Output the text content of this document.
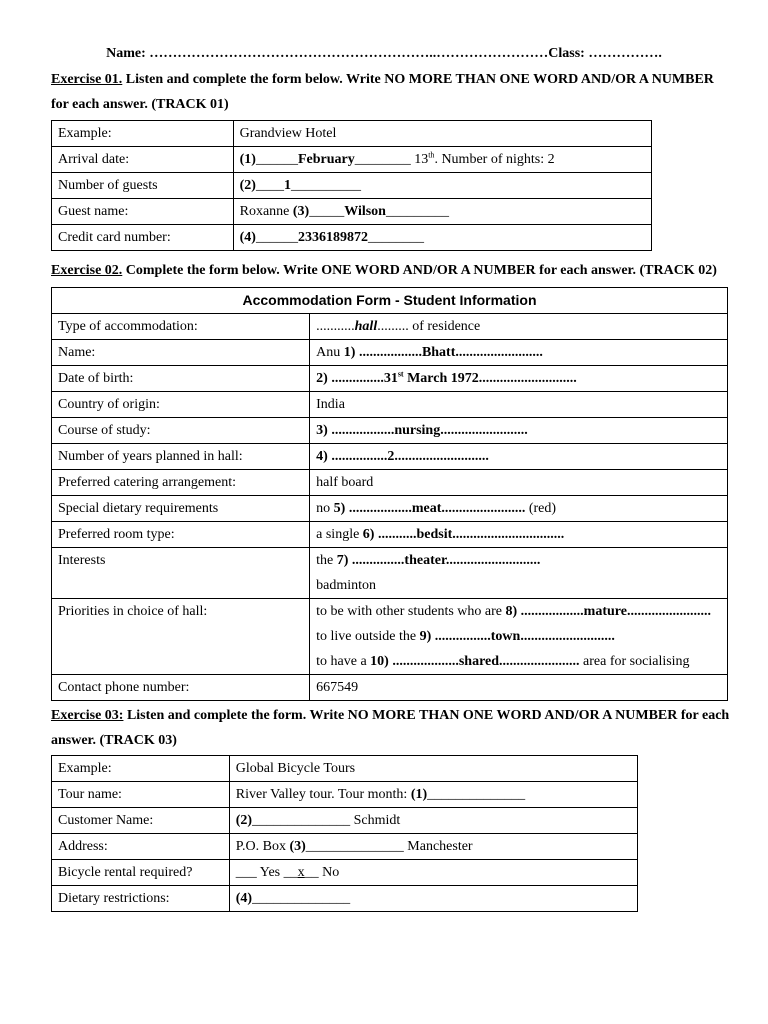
Name: ……………………………………………………..……………………Class: …………….
Exercise 01. Listen and complete the form below. Write NO MORE THAN ONE WORD AND/OR A NUMBER for each answer. (TRACK 01)
Example:	Grandview Hotel
Arrival date:	(1)______February________ 13th. Number of nights: 2
Number of guests	(2)____1__________
Guest name:	Roxanne (3)_____Wilson_________
Credit card number:	(4)______2336189872________
Exercise 02. Complete the form below. Write ONE WORD AND/OR A NUMBER for each answer. (TRACK 02)
Accommodation Form - Student Information	
Type of accommodation:	...........hall......... of residence
Name:	Anu 1) ..................Bhatt.........................
Date of birth:	2) ...............31st March 1972............................
Country of origin:	India
Course of study:	3) ..................nursing.........................
Number of years planned in hall:	4) ................2...........................
Preferred catering arrangement:	half board
Special dietary requirements	no 5) ..................meat........................ (red)
Preferred room type:	a single 6) ...........bedsit................................
Interests	the 7) ...............theater...........................
badminton

Priorities in choice of hall:	to be with other students who are 8) ..................mature........................
to live outside the 9) ................town...........................
to have a 10) ...................shared....................... area for socialising

Contact phone number:	667549
Exercise 03: Listen and complete the form. Write NO MORE THAN ONE WORD AND/OR A NUMBER for each answer. (TRACK 03)
Example:	Global Bicycle Tours
Tour name:	River Valley tour. Tour month: (1)______________
Customer Name:	(2)______________ Schmidt
Address:	P.O. Box (3)______________ Manchester
Bicycle rental required?	___ Yes __x__ No
Dietary restrictions:	(4)______________
